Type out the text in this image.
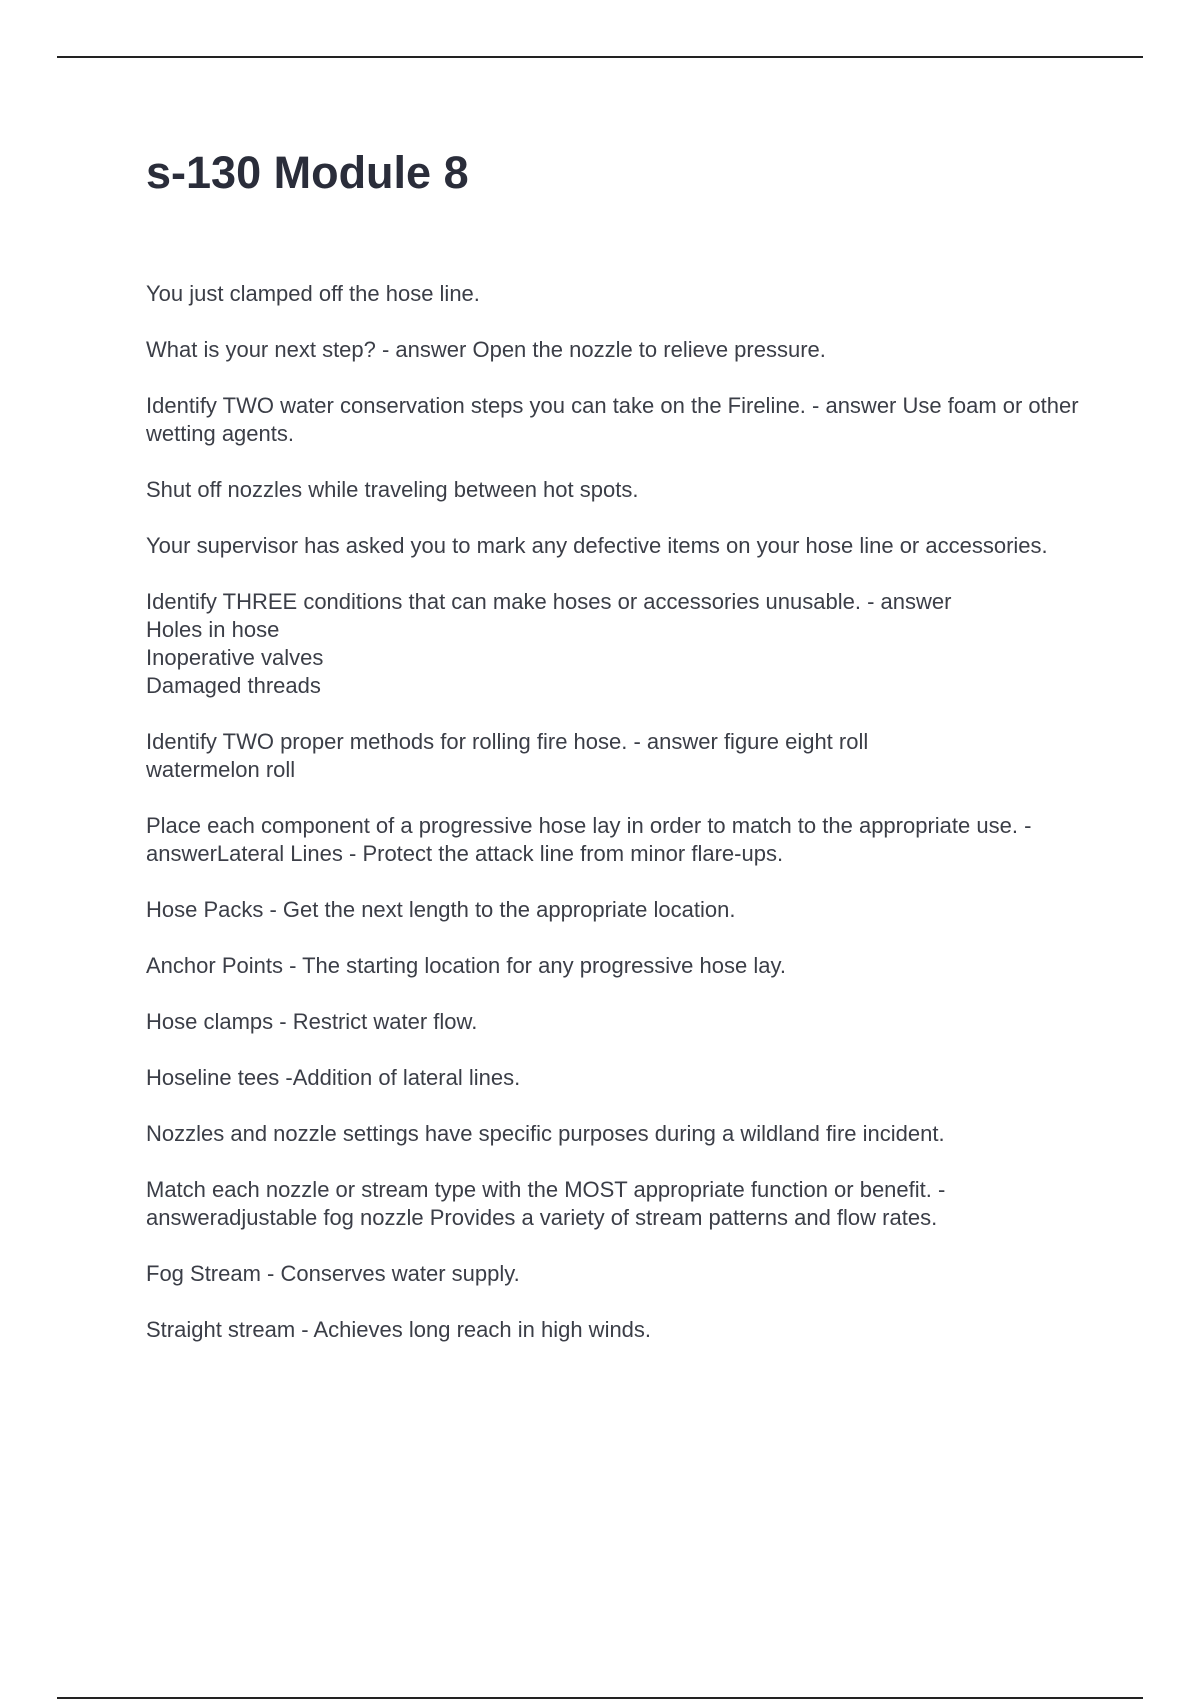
s-130 Module 8

You just clamped off the hose line.

What is your next step? - answer Open the nozzle to relieve pressure.

Identify TWO water conservation steps you can take on the Fireline. - answer Use foam or other wetting agents.

Shut off nozzles while traveling between hot spots.

Your supervisor has asked you to mark any defective items on your hose line or accessories.

Identify THREE conditions that can make hoses or accessories unusable. - answer
Holes in hose
Inoperative valves
Damaged threads

Identify TWO proper methods for rolling fire hose. - answer figure eight roll
watermelon roll

Place each component of a progressive hose lay in order to match to the appropriate use. - answerLateral Lines - Protect the attack line from minor flare-ups.

Hose Packs - Get the next length to the appropriate location.

Anchor Points - The starting location for any progressive hose lay.

Hose clamps - Restrict water flow.

Hoseline tees -Addition of lateral lines.

Nozzles and nozzle settings have specific purposes during a wildland fire incident.

Match each nozzle or stream type with the MOST appropriate function or benefit. - answeradjustable fog nozzle Provides a variety of stream patterns and flow rates.

Fog Stream - Conserves water supply.

Straight stream - Achieves long reach in high winds.
